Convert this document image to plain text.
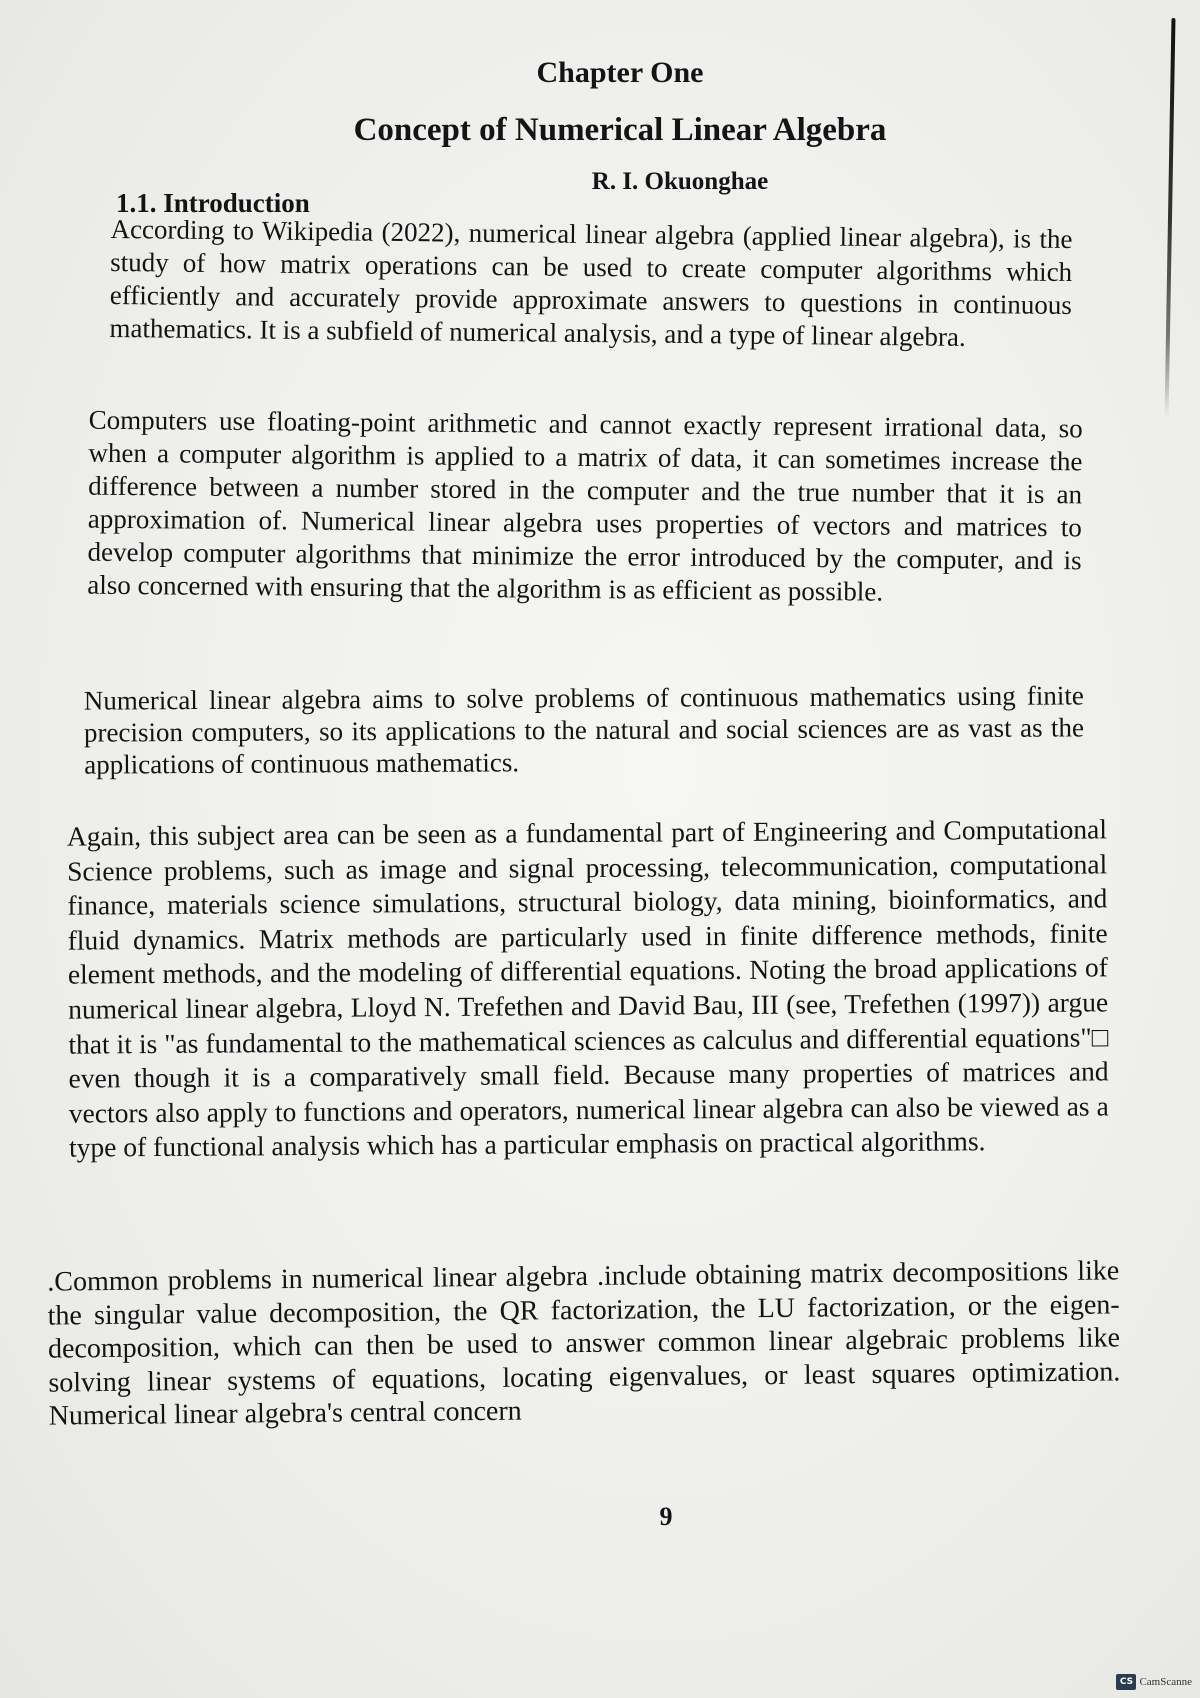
Chapter One
Concept of Numerical Linear Algebra
R. I. Okuonghae
1.1. Introduction

According to Wikipedia (2022), numerical linear algebra (applied linear algebra), is the study of how matrix operations can be used to create computer algorithms which efficiently and accurately provide approximate answers to questions in continuous mathematics. It is a subfield of numerical analysis, and a type of linear algebra.

Computers use floating-point arithmetic and cannot exactly represent irrational data, so when a computer algorithm is applied to a matrix of data, it can sometimes increase the difference between a number stored in the computer and the true number that it is an approximation of. Numerical linear algebra uses properties of vectors and matrices to develop computer algorithms that minimize the error introduced by the computer, and is also concerned with ensuring that the algorithm is as efficient as possible.

Numerical linear algebra aims to solve problems of continuous mathematics using finite precision computers, so its applications to the natural and social sciences are as vast as the applications of continuous mathematics.

Again, this subject area can be seen as a fundamental part of Engineering and Computational Science problems, such as image and signal processing, telecommunication, computational finance, materials science simulations, structural biology, data mining, bioinformatics, and fluid dynamics. Matrix methods are particularly used in finite difference methods, finite element methods, and the modeling of differential equations. Noting the broad applications of numerical linear algebra, Lloyd N. Trefethen and David Bau, III (see, Trefethen (1997)) argue that it is "as fundamental to the mathematical sciences as calculus and differential equations"□ even though it is a comparatively small field. Because many properties of matrices and vectors also apply to functions and operators, numerical linear algebra can also be viewed as a type of functional analysis which has a particular emphasis on practical algorithms.

.Common problems in numerical linear algebra .include obtaining matrix decompositions like the singular value decomposition, the QR factorization, the LU factorization, or the eigen-decomposition, which can then be used to answer common linear algebraic problems like solving linear systems of equations, locating eigenvalues, or least squares optimization. Numerical linear algebra's central concern

9
CS CamScanne
